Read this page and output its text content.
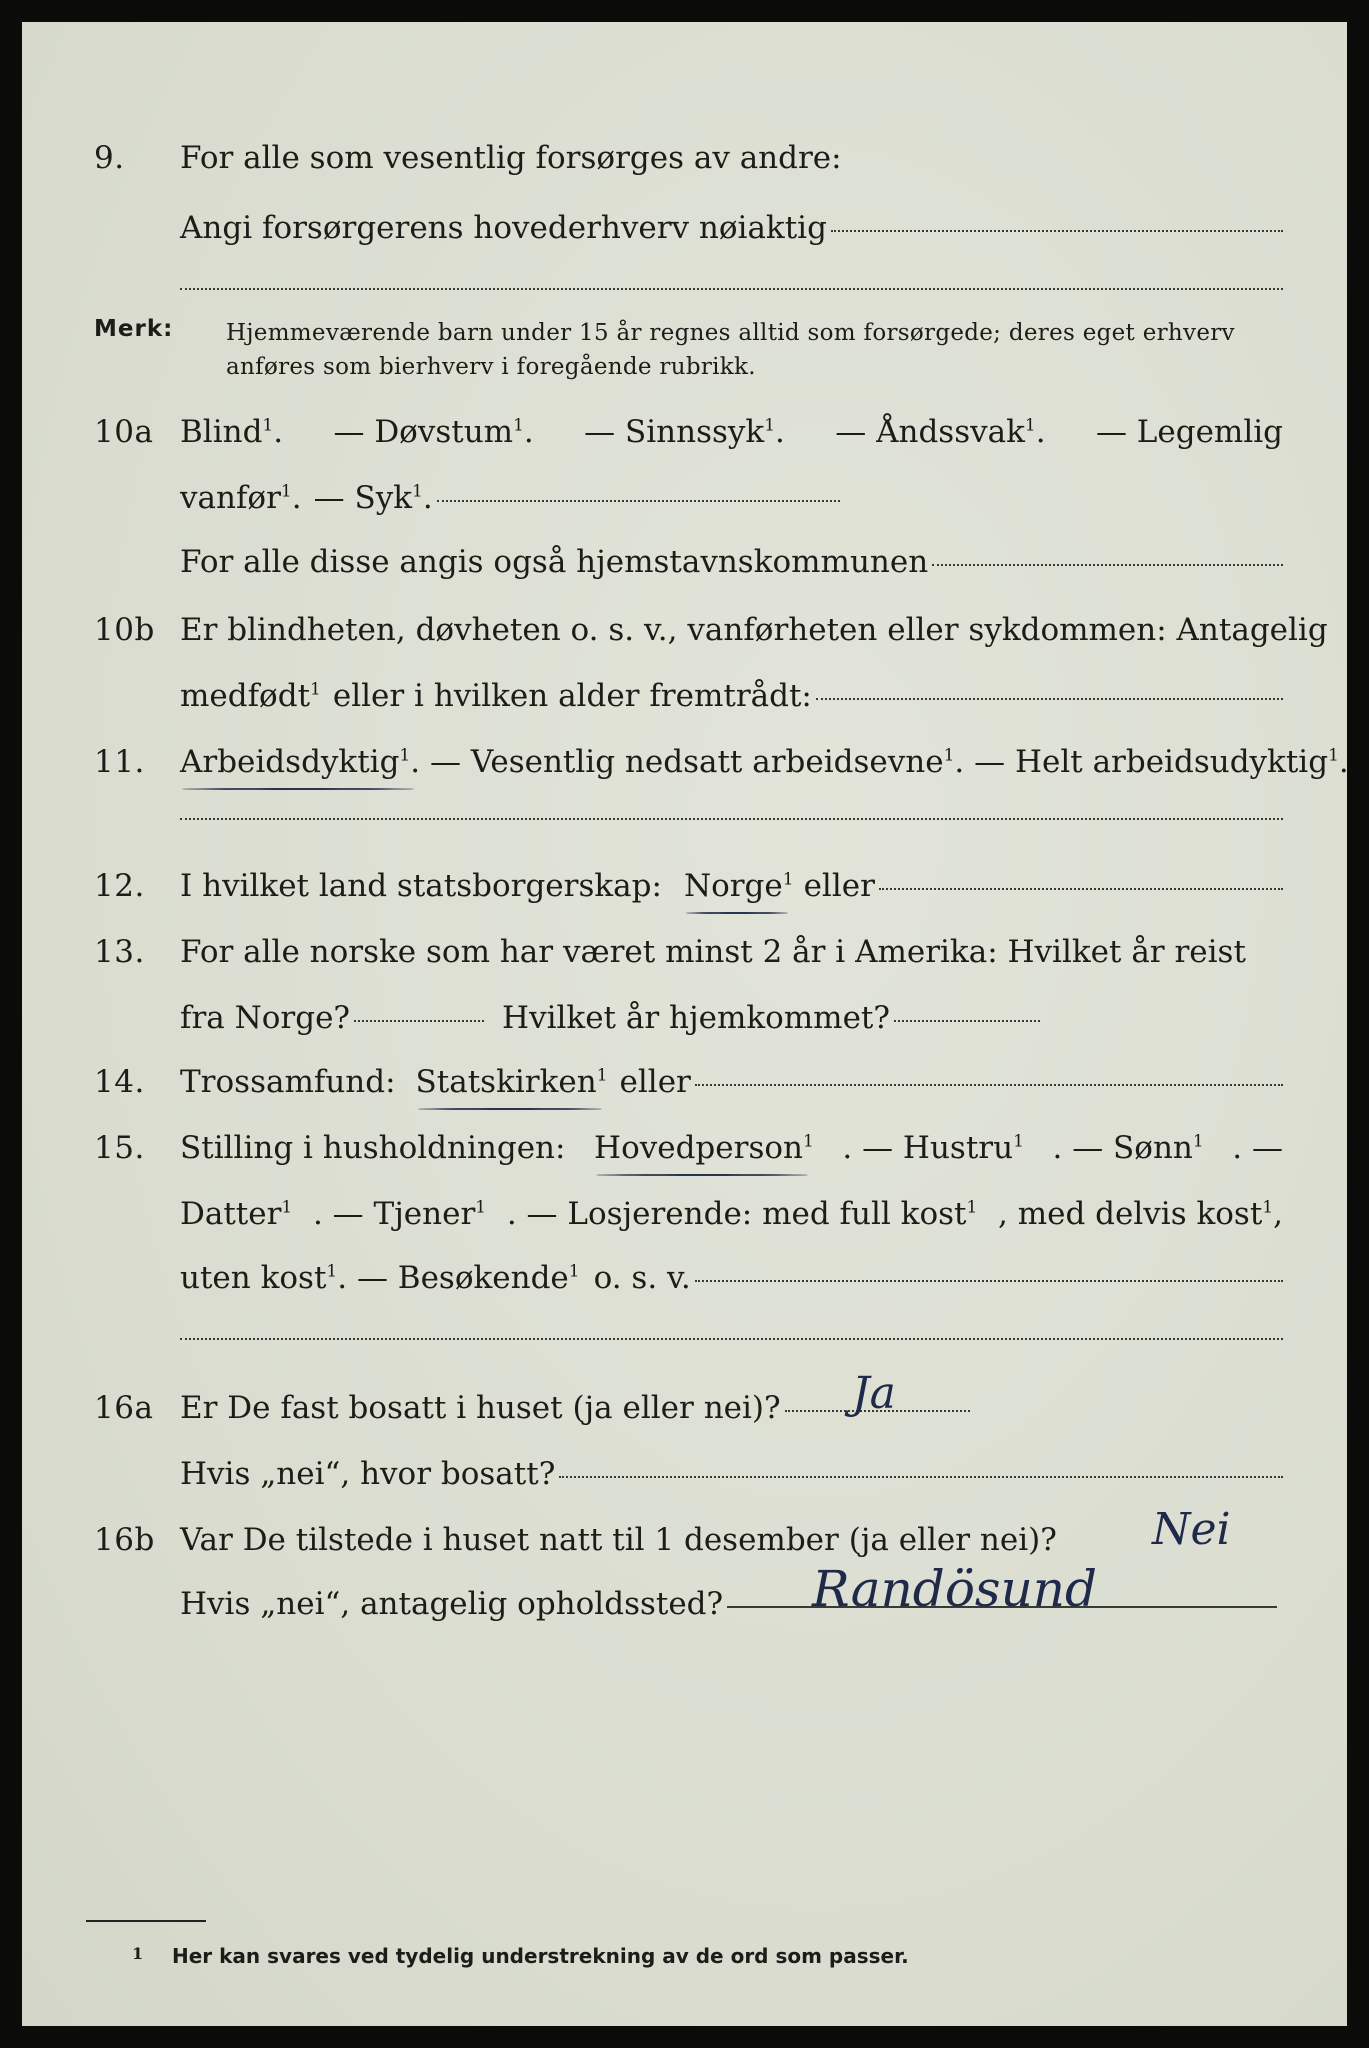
9. For alle som vesentlig forsørges av andre:
Angi forsørgerens hovederhverv nøiaktig
Merk: Hjemmeværende barn under 15 år regnes alltid som forsørgede; deres eget erhverv
anføres som bierhverv i foregående rubrikk.
10a Blind$^1$. — Døvstum$^1$. — Sinnssyk$^1$. — Åndssvak$^1$. — Legemlig
vanfør$^1$. — Syk$^1$.
For alle disse angis også hjemstavnskommunen
10b Er blindheten, døvheten o. s. v., vanførheten eller sykdommen: Antagelig
medfødt$^1$ eller i hvilken alder fremtrådt:
11. Arbeidsdyktig$^1$. — Vesentlig nedsatt arbeidsevne$^1$. — Helt arbeidsudyktig$^1$.
12. I hvilket land statsborgerskap: Norge$^1$ eller
13. For alle norske som har været minst 2 år i Amerika: Hvilket år reist
fra Norge?	Hvilket år hjemkommet?
14. Trossamfund: Statskirken$^1$ eller
15. Stilling i husholdningen: Hovedperson$^1$ . — Hustru$^1$ . — Sønn$^1$ . —
Datter$^1$ . — Tjener$^1$ . — Losjerende: med full kost$^1$ , med delvis kost$^1$,
uten kost$^1$ . — Besøkende$^1$ o. s. v.
16a Er De fast bosatt i huset (ja eller nei)? Ja
Hvis „nei“, hvor bosatt?
16b Var De tilstede i huset natt til 1 desember (ja eller nei)?	Nei
Hvis „nei“, antagelig opholdssted? Randösund
1 Her kan svares ved tydelig understrekning av de ord som passer.
